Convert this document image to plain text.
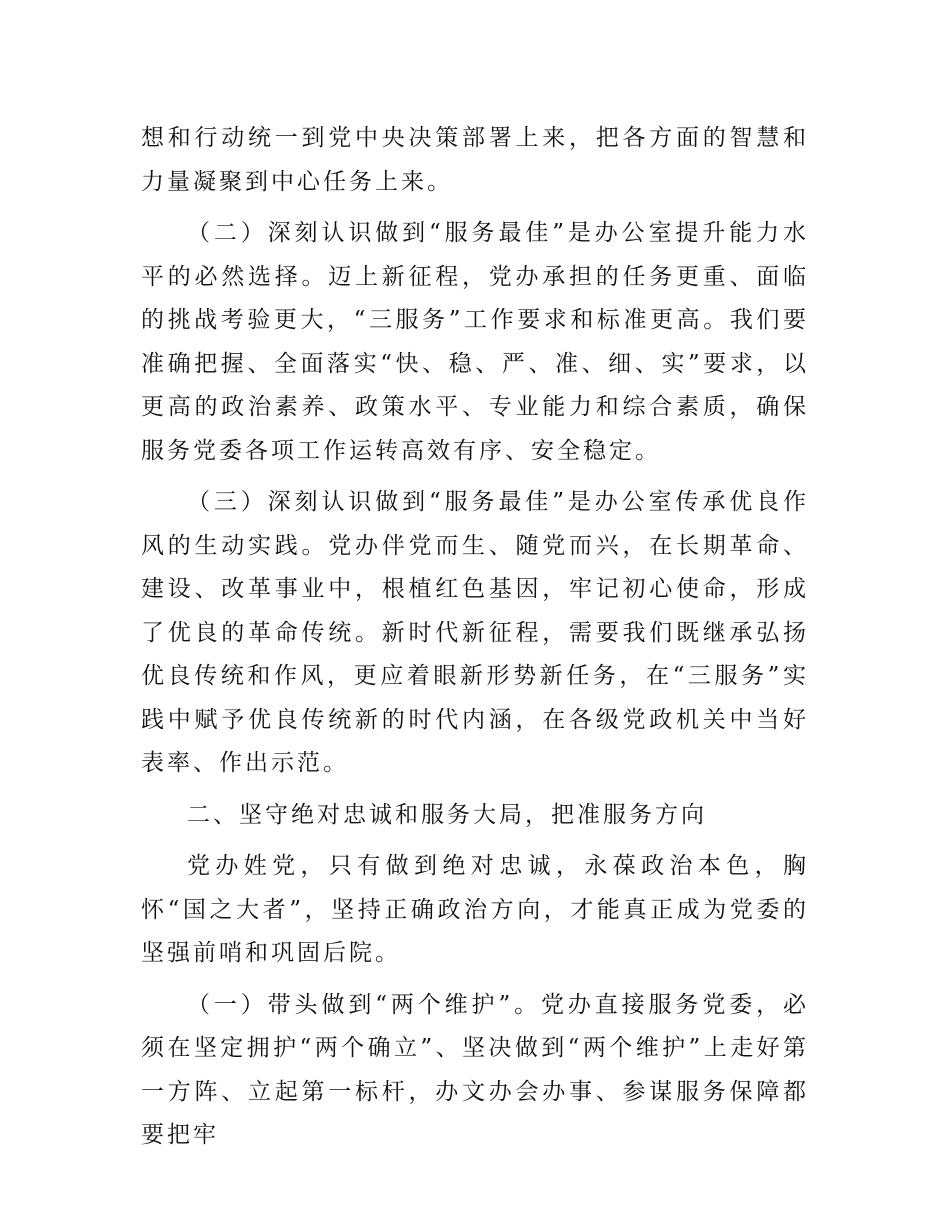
想和行动统一到党中央决策部署上来，把各方面的智慧和力量凝聚到中心任务上来。

（二）深刻认识做到“服务最佳”是办公室提升能力水平的必然选择。迈上新征程，党办承担的任务更重、面临的挑战考验更大，“三服务”工作要求和标准更高。我们要准确把握、全面落实“快、稳、严、准、细、实”要求，以更高的政治素养、政策水平、专业能力和综合素质，确保服务党委各项工作运转高效有序、安全稳定。

（三）深刻认识做到“服务最佳”是办公室传承优良作风的生动实践。党办伴党而生、随党而兴，在长期革命、建设、改革事业中，根植红色基因，牢记初心使命，形成了优良的革命传统。新时代新征程，需要我们既继承弘扬优良传统和作风，更应着眼新形势新任务，在“三服务”实践中赋予优良传统新的时代内涵，在各级党政机关中当好表率、作出示范。

二、坚守绝对忠诚和服务大局，把准服务方向

党办姓党，只有做到绝对忠诚，永葆政治本色，胸怀“国之大者”，坚持正确政治方向，才能真正成为党委的坚强前哨和巩固后院。

（一）带头做到“两个维护”。党办直接服务党委，必须在坚定拥护“两个确立”、坚决做到“两个维护”上走好第一方阵、立起第一标杆，办文办会办事、参谋服务保障都要把牢
